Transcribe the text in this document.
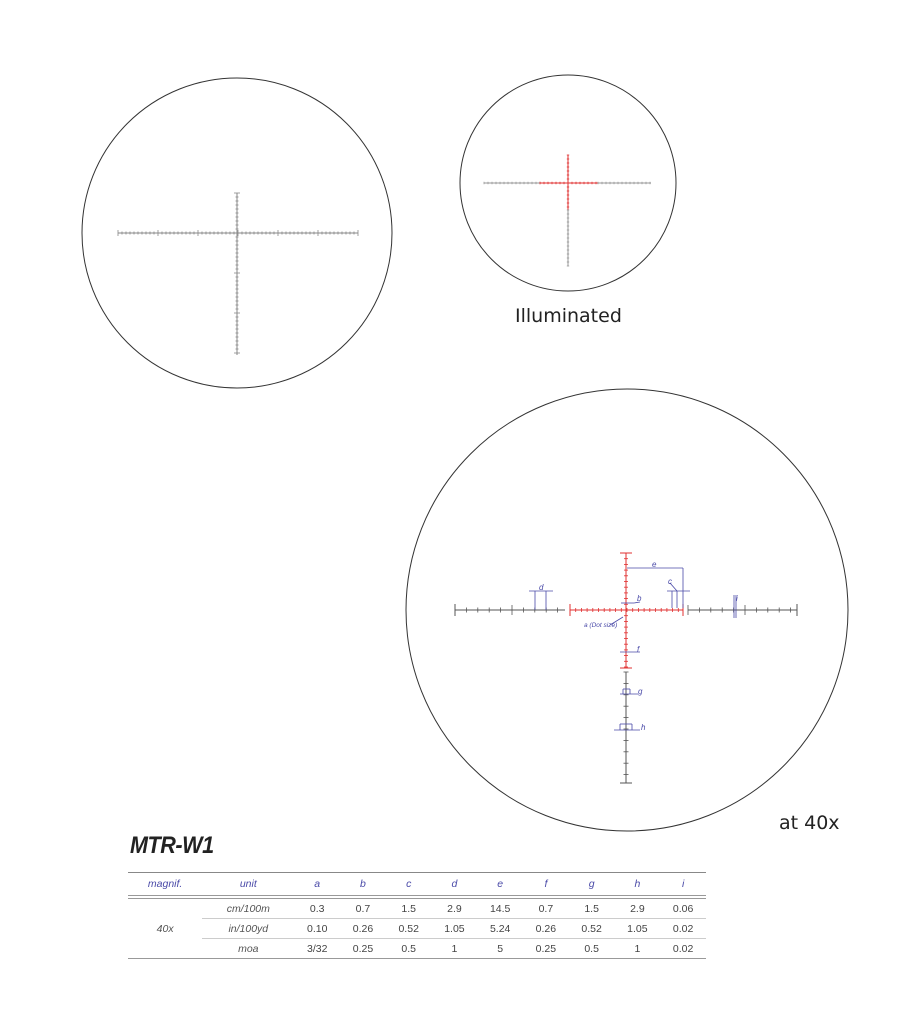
e
d
c
b	i
a (Dot size)
f
g
h
Illuminated
at 40x
MTR-W1
magnif.	unit	a	b	c	d	e	f	g	h	i
40x	cm/100m	0.3	0.7	1.5	2.9	14.5	0.7	1.5	2.9	0.06
	in/100yd	0.10	0.26	0.52	1.05	5.24	0.26	0.52	1.05	0.02
	moa	3/32	0.25	0.5	1	5	0.25	0.5	1	0.02
